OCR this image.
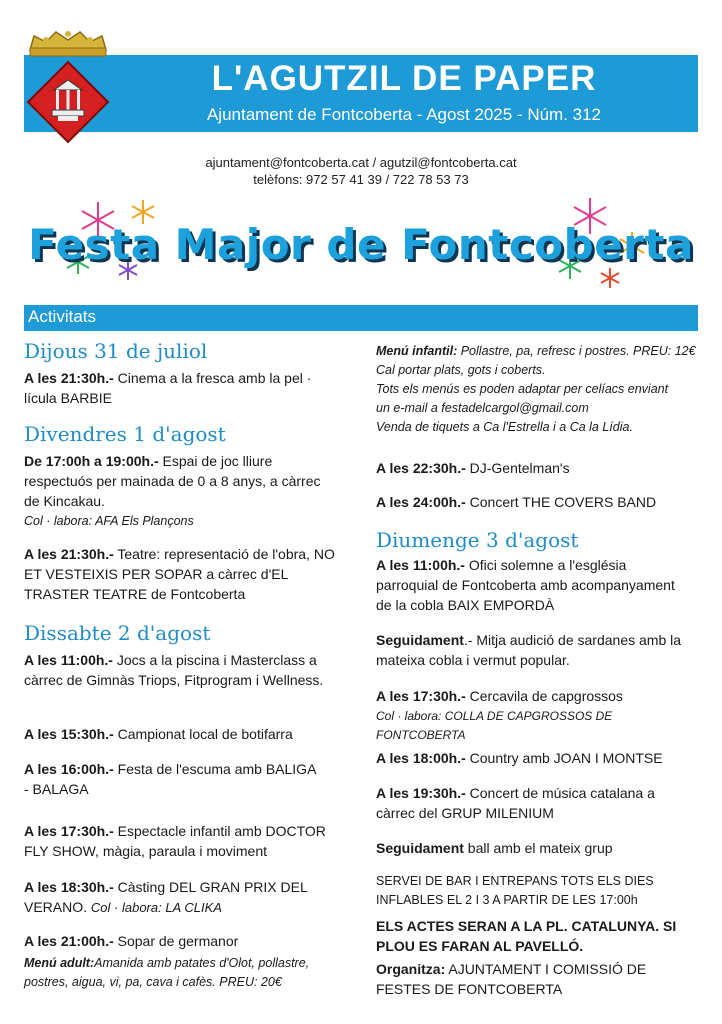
L'AGUTZIL DE PAPER
Ajuntament de Fontcoberta - Agost 2025 - Núm. 312
ajuntament@fontcoberta.cat / agutzil@fontcoberta.cat
telèfons: 972 57 41 39 / 722 78 53 73
Festa Major de Fontcoberta
Activitats
Dijous 31 de juliol
A les 21:30h.- Cinema a la fresca amb la pel · lícula BARBIE
Divendres 1 d'agost
De 17:00h a 19:00h.- Espai de joc lliure respectuós per mainada de 0 a 8 anys, a càrrec de Kincakau.
Col · labora: AFA Els Plançons
A les 21:30h.- Teatre: representació de l'obra, NO ET VESTEIXIS PER SOPAR a càrrec d'EL TRASTER TEATRE de Fontcoberta
Dissabte 2 d'agost
A les 11:00h.- Jocs a la piscina i Masterclass a càrrec de Gimnàs Triops, Fitprogram i Wellness.
A les 15:30h.- Campionat local de botifarra
A les 16:00h.- Festa de l'escuma amb BALIGA - BALAGA
A les 17:30h.- Espectacle infantil amb DOCTOR FLY SHOW, màgia, paraula i moviment
A les 18:30h.- Càsting DEL GRAN PRIX DEL VERANO. Col · labora: LA CLIKA
A les 21:00h.- Sopar de germanor
Menú adult:Amanida amb patates d'Olot, pollastre, postres, aigua, vi, pa, cava i cafès. PREU: 20€
Menú infantil: Pollastre, pa, refresc i postres. PREU: 12€
Cal portar plats, gots i coberts.
Tots els menús es poden adaptar per celíacs enviant un e-mail a festadelcargol@gmail.com
Venda de tiquets a Ca l'Estrella i a Ca la Lídia.
A les 22:30h.- DJ-Gentelman's
A les 24:00h.- Concert THE COVERS BAND
Diumenge 3 d'agost
A les 11:00h.- Ofici solemne a l'església parroquial de Fontcoberta amb acompanyament de la cobla BAIX EMPORDÀ
Seguidament.- Mitja audició de sardanes amb la mateixa cobla i vermut popular.
A les 17:30h.- Cercavila de capgrossos
Col · labora: COLLA DE CAPGROSSOS DE FONTCOBERTA
A les 18:00h.- Country amb JOAN I MONTSE
A les 19:30h.- Concert de música catalana a càrrec del GRUP MILENIUM
Seguidament ball amb el mateix grup
SERVEI DE BAR I ENTREPANS TOTS ELS DIES INFLABLES EL 2 I 3 A PARTIR DE LES 17:00h
ELS ACTES SERAN A LA PL. CATALUNYA. SI PLOU ES FARAN AL PAVELLÓ.
Organitza: AJUNTAMENT I COMISSIÓ DE FESTES DE FONTCOBERTA
